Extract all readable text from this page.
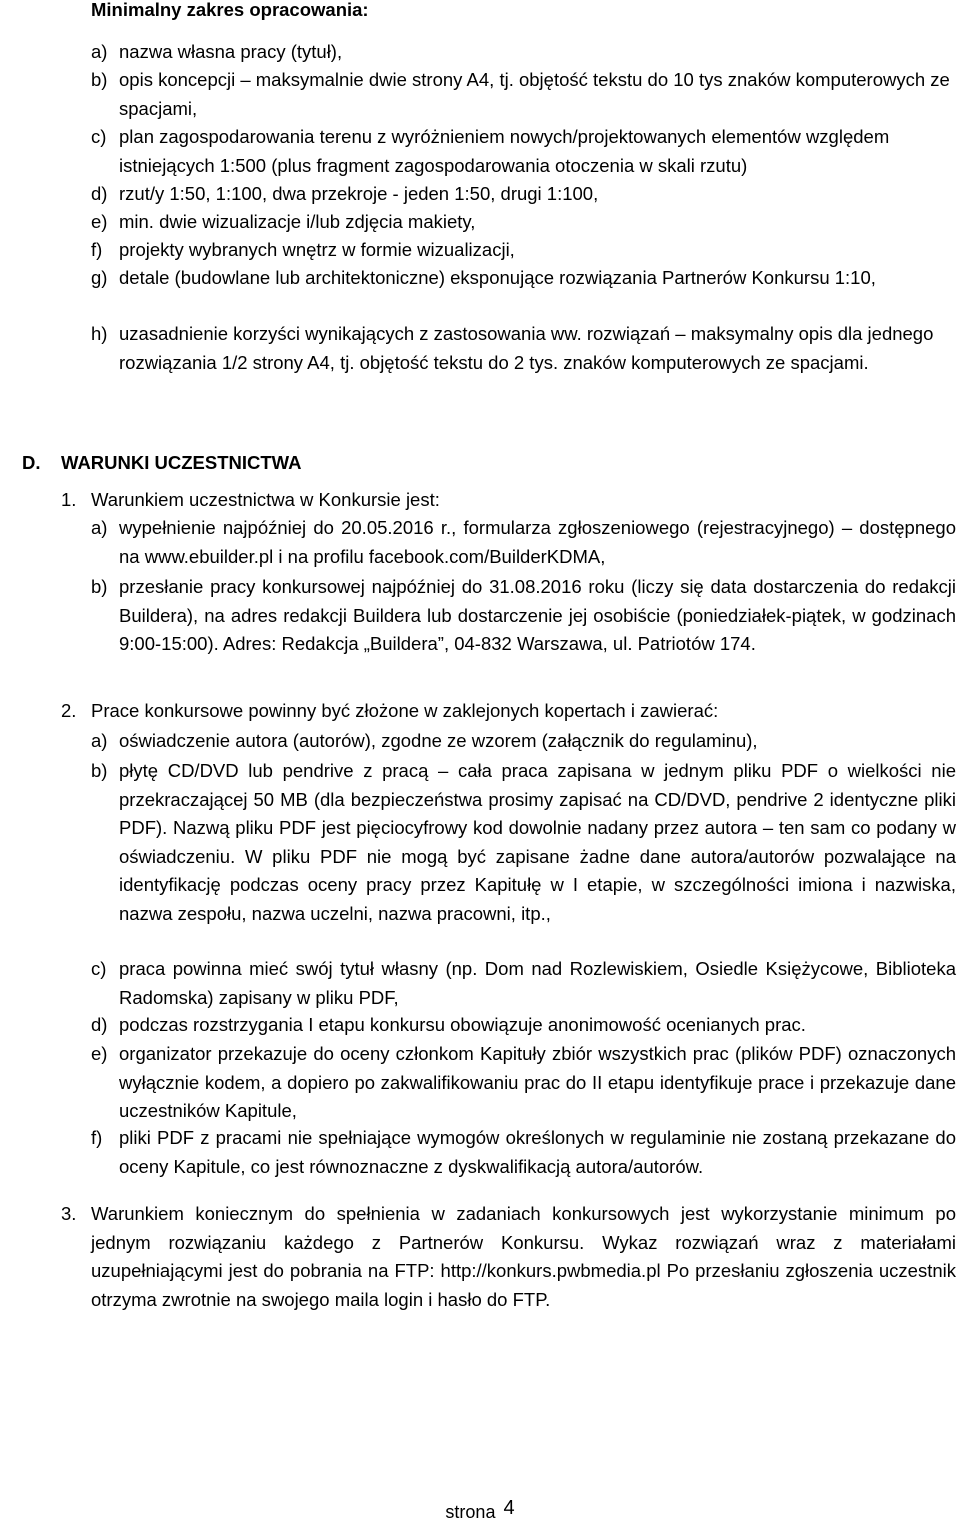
Minimalny zakres opracowania:
a) nazwa własna pracy (tytuł),
b) opis koncepcji – maksymalnie dwie strony A4, tj. objętość tekstu do 10 tys znaków komputerowych ze spacjami,
c) plan zagospodarowania terenu z wyróżnieniem nowych/projektowanych elementów względem istniejących 1:500 (plus fragment zagospodarowania otoczenia w skali rzutu)
d) rzut/y 1:50, 1:100, dwa przekroje - jeden 1:50, drugi 1:100,
e) min. dwie wizualizacje i/lub zdjęcia makiety,
f) projekty wybranych wnętrz w formie wizualizacji,
g) detale (budowlane lub architektoniczne) eksponujące rozwiązania Partnerów Konkursu 1:10,
h) uzasadnienie korzyści wynikających z zastosowania ww. rozwiązań – maksymalny opis dla jednego rozwiązania 1/2 strony A4, tj. objętość tekstu do 2 tys. znaków komputerowych ze spacjami.
D. WARUNKI UCZESTNICTWA
1. Warunkiem uczestnictwa w Konkursie jest:
a) wypełnienie najpóźniej do 20.05.2016 r., formularza zgłoszeniowego (rejestracyjnego) – dostępnego na www.ebuilder.pl i na profilu facebook.com/BuilderKDMA,
b) przesłanie pracy konkursowej najpóźniej do 31.08.2016 roku (liczy się data dostarczenia do redakcji Buildera), na adres redakcji Buildera lub dostarczenie jej osobiście (poniedziałek-piątek, w godzinach 9:00-15:00). Adres: Redakcja „Buildera”, 04-832 Warszawa, ul. Patriotów 174.
2. Prace konkursowe powinny być złożone w zaklejonych kopertach i zawierać:
a) oświadczenie autora (autorów), zgodne ze wzorem (załącznik do regulaminu),
b) płytę CD/DVD lub pendrive z pracą – cała praca zapisana w jednym pliku PDF o wielkości nie przekraczającej 50 MB (dla bezpieczeństwa prosimy zapisać na CD/DVD, pendrive 2 identyczne pliki PDF). Nazwą pliku PDF jest pięciocyfrowy kod dowolnie nadany przez autora – ten sam co podany w oświadczeniu. W pliku PDF nie mogą być zapisane żadne dane autora/autorów pozwalające na identyfikację podczas oceny pracy przez Kapitułę w I etapie, w szczególności imiona i nazwiska, nazwa zespołu, nazwa uczelni, nazwa pracowni, itp.,
c) praca powinna mieć swój tytuł własny (np. Dom nad Rozlewiskiem, Osiedle Księżycowe, Biblioteka Radomska) zapisany w pliku PDF,
d) podczas rozstrzygania I etapu konkursu obowiązuje anonimowość ocenianych prac.
e) organizator przekazuje do oceny członkom Kapituły zbiór wszystkich prac (plików PDF) oznaczonych wyłącznie kodem, a dopiero po zakwalifikowaniu prac do II etapu identyfikuje prace i przekazuje dane uczestników Kapitule,
f) pliki PDF z pracami nie spełniające wymogów określonych w regulaminie nie zostaną przekazane do oceny Kapitule, co jest równoznaczne z dyskwalifikacją autora/autorów.
3. Warunkiem koniecznym do spełnienia w zadaniach konkursowych jest wykorzystanie minimum po jednym rozwiązaniu każdego z Partnerów Konkursu. Wykaz rozwiązań wraz z materiałami uzupełniającymi jest do pobrania na FTP: http://konkurs.pwbmedia.pl Po przesłaniu zgłoszenia uczestnik otrzyma zwrotnie na swojego maila login i hasło do FTP.
strona 4
